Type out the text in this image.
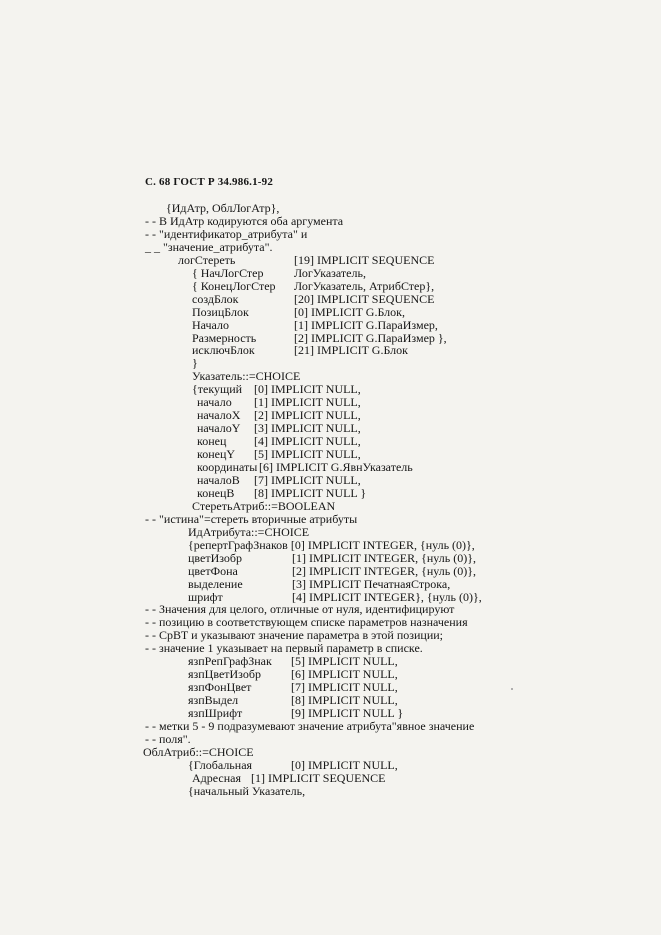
С. 68 ГОСТ Р 34.986.1-92
{ИдАтр, ОблЛогАтр},
- - В ИдАтр кодируются оба аргумента
- - "идентификатор_атрибута" и
_ _ "значение_атрибута".
логСтереть	[19] IMPLICIT SEQUENCE
{ НачЛогСтер	ЛогУказатель,
{ КонецЛогСтер ЛогУказатель, АтрибСтер},
создБлок	[20] IMPLICIT SEQUENCE
ПозицБлок	[0] IMPLICIT G.Блок,
Начало	[1] IMPLICIT G.ПараИзмер,
Размерность	[2] IMPLICIT G.ПараИзмер },
исключБлок	[21] IMPLICIT G.Блок
}
Указатель::=CHOICE
{текущий [0] IMPLICIT NULL,
начало [1] IMPLICIT NULL,
началоX [2] IMPLICIT NULL,
началоY [3] IMPLICIT NULL,
конец [4] IMPLICIT NULL,
конецY [5] IMPLICIT NULL,
координаты [6] IMPLICIT G.ЯвнУказатель
началоВ [7] IMPLICIT NULL,
конецВ [8] IMPLICIT NULL }
СтеретьАтриб::=BOOLEAN
- - "истина"=стереть вторичные атрибуты
ИдАтрибута::=CHOICE
{репертГрафЗнаков [0] IMPLICIT INTEGER, {нуль (0)},
цветИзобр	[1] IMPLICIT INTEGER, {нуль (0)},
цветФона	[2] IMPLICIT INTEGER, {нуль (0)},
выделение	[3] IMPLICIT ПечатнаяСтрока,
шрифт	[4] IMPLICIT INTEGER}, {нуль (0)},
- - Значения для целого, отличные от нуля, идентифицируют
- - позицию в соответствующем списке параметров назначения
- - СрВТ и указывают значение параметра в этой позиции;
- - значение 1 указывает на первый параметр в списке.
язпРепГрафЗнак [5] IMPLICIT NULL,
язпЦветИзобр	[6] IMPLICIT NULL,
язпФонЦвет	[7] IMPLICIT NULL,
язпВыдел	[8] IMPLICIT NULL,
язпШрифт	[9] IMPLICIT NULL }
- - метки 5 - 9 подразумевают значение атрибута"явное значение
- - поля".
ОблАтриб::=CHOICE
{Глобальная	[0] IMPLICIT NULL,
Адресная [1] IMPLICIT SEQUENCE
{начальный Указатель,
